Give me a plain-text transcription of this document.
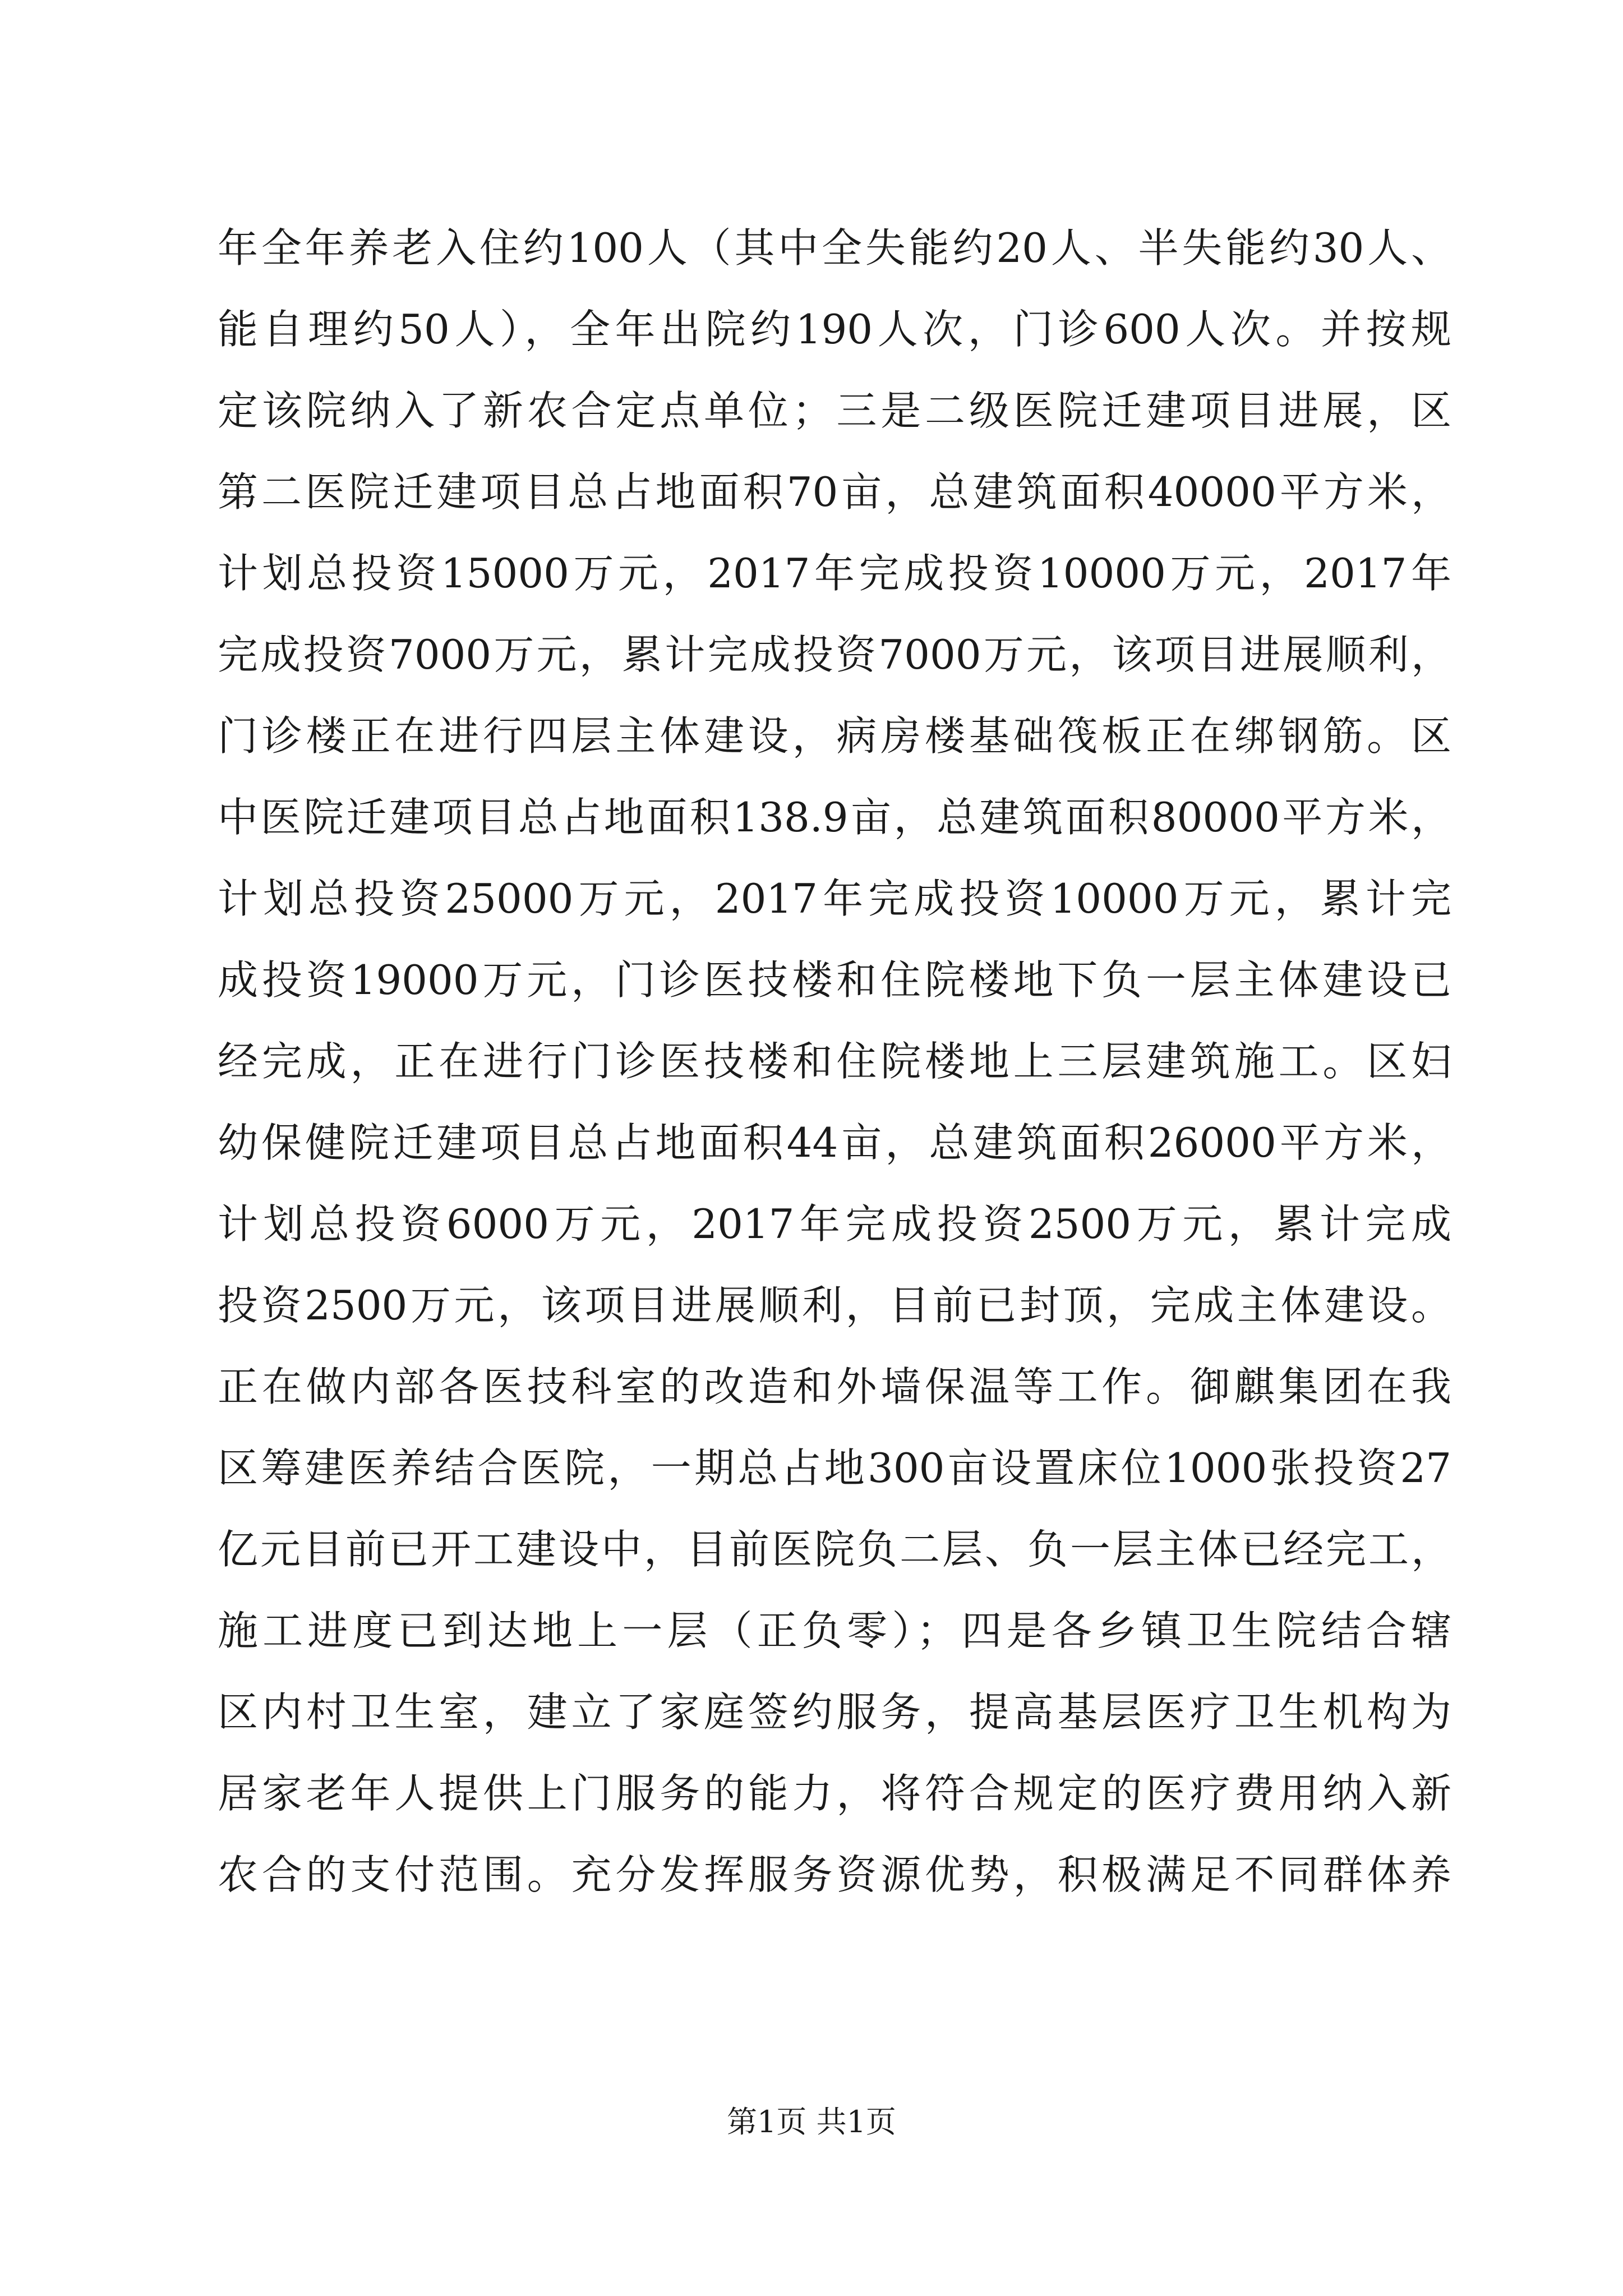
年全年养老入住约100人（其中全失能约20人、半失能约30人、
能自理约50人），全年出院约190人次，门诊600人次。并按规
定该院纳入了新农合定点单位；三是二级医院迁建项目进展，区
第二医院迁建项目总占地面积70亩，总建筑面积40000平方米，
计划总投资15000万元，2017年完成投资10000万元，2017年
完成投资7000万元，累计完成投资7000万元，该项目进展顺利，
门诊楼正在进行四层主体建设，病房楼基础筏板正在绑钢筋。区
中医院迁建项目总占地面积138.9亩，总建筑面积80000平方米，
计划总投资25000万元，2017年完成投资10000万元，累计完
成投资19000万元，门诊医技楼和住院楼地下负一层主体建设已
经完成，正在进行门诊医技楼和住院楼地上三层建筑施工。区妇
幼保健院迁建项目总占地面积44亩，总建筑面积26000平方米，
计划总投资6000万元，2017年完成投资2500万元，累计完成
投资2500万元，该项目进展顺利，目前已封顶，完成主体建设。
正在做内部各医技科室的改造和外墙保温等工作。御麒集团在我
区筹建医养结合医院，一期总占地300亩设置床位1000张投资27
亿元目前已开工建设中，目前医院负二层、负一层主体已经完工，
施工进度已到达地上一层（正负零）；四是各乡镇卫生院结合辖
区内村卫生室，建立了家庭签约服务，提高基层医疗卫生机构为
居家老年人提供上门服务的能力，将符合规定的医疗费用纳入新
农合的支付范围。充分发挥服务资源优势，积极满足不同群体养
第1页 共1页
